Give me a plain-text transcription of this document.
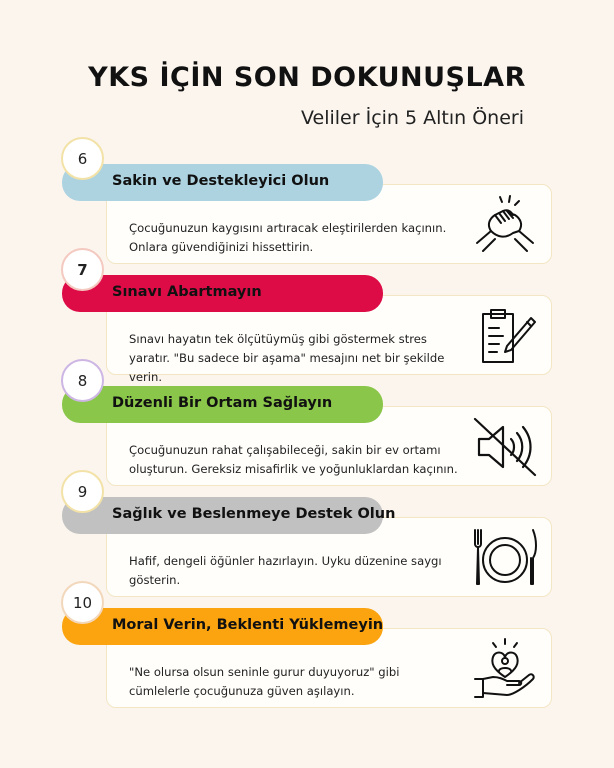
YKS İÇİN SON DOKUNUŞLAR
Veliler İçin 5 Altın Öneri
Çocuğunuzun kaygısını artıracak eleştirilerden kaçının. Onlara güvendiğinizi hissettirin.
Sakin ve Destekleyici Olun
6
Sınavı hayatın tek ölçütüymüş gibi göstermek stres yaratır. "Bu sadece bir aşama" mesajını net bir şekilde verin.
Sınavı Abartmayın
7
Çocuğunuzun rahat çalışabileceği, sakin bir ev ortamı oluşturun. Gereksiz misafirlik ve yoğunluklardan kaçının.
Düzenli Bir Ortam Sağlayın
8
Hafif, dengeli öğünler hazırlayın. Uyku düzenine saygı gösterin.
Sağlık ve Beslenmeye Destek Olun
9
"Ne olursa olsun seninle gurur duyuyoruz" gibi cümlelerle çocuğunuza güven aşılayın.
Moral Verin, Beklenti Yüklemeyin
10
